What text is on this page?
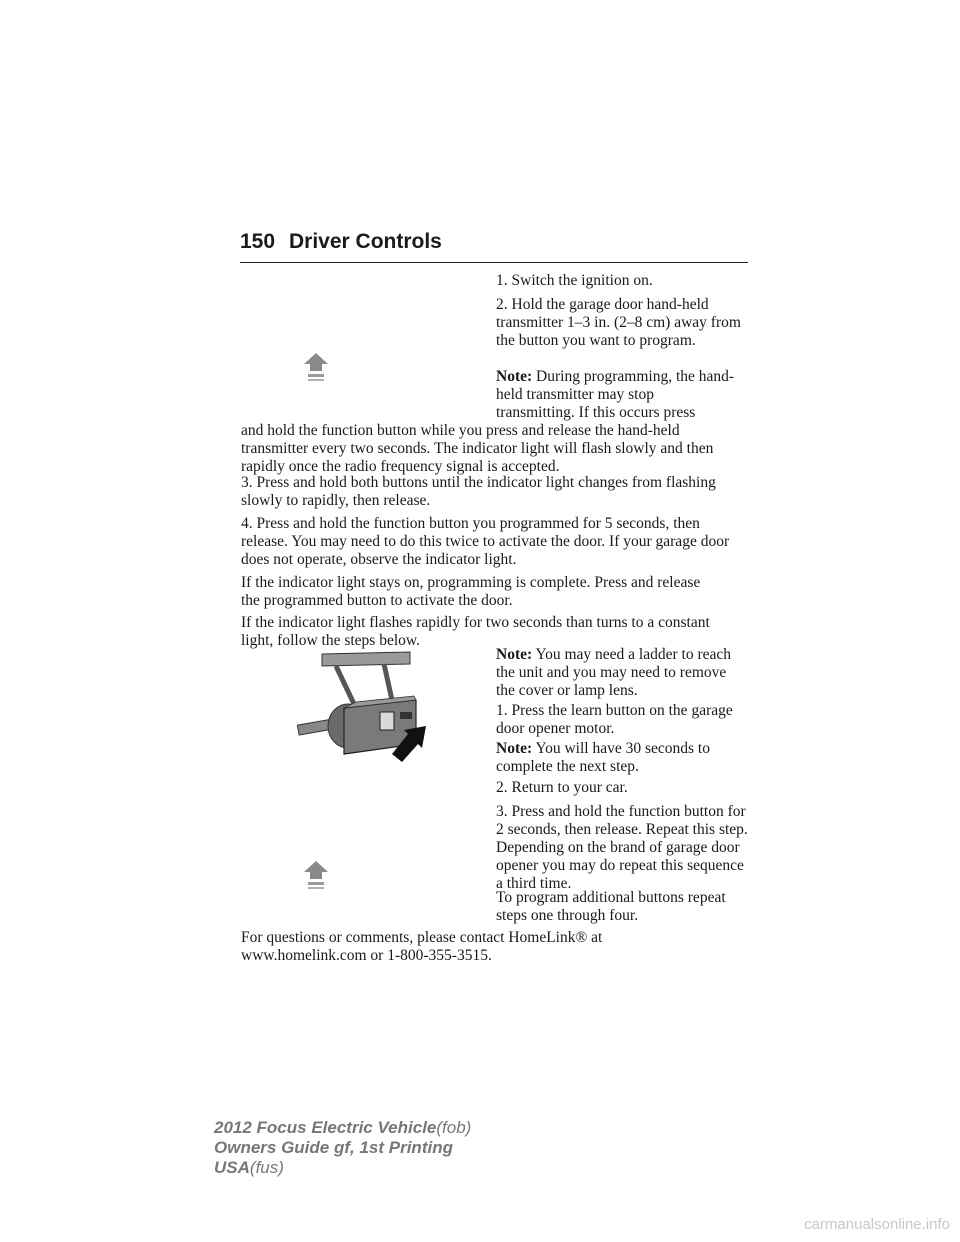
150 Driver Controls

1. Switch the ignition on.

2. Hold the garage door hand-held transmitter 1–3 in. (2–8 cm) away from the button you want to program.

Note: During programming, the hand-held transmitter may stop

transmitting. If this occurs press

and hold the function button while you press and release the hand-held transmitter every two seconds. The indicator light will flash slowly and then rapidly once the radio frequency signal is accepted.

3. Press and hold both buttons until the indicator light changes from flashing slowly to rapidly, then release.

4. Press and hold the function button you programmed for 5 seconds, then release. You may need to do this twice to activate the door. If your garage door does not operate, observe the indicator light.

If the indicator light stays on, programming is complete. Press and release the programmed button to activate the door.

If the indicator light flashes rapidly for two seconds than turns to a constant light, follow the steps below.

Note: You may need a ladder to reach the unit and you may need to remove the cover or lamp lens.

1. Press the learn button on the garage door opener motor.

Note: You will have 30 seconds to complete the next step.

2. Return to your car.

3. Press and hold the function button for 2 seconds, then release. Repeat this step. Depending on the brand of garage door opener you may do repeat this sequence a third time.

To program additional buttons repeat steps one through four.

For questions or comments, please contact HomeLink® at www.homelink.com or 1-800-355-3515.

2012 Focus Electric Vehicle(fob)
Owners Guide gf, 1st Printing
USA(fus)
carmanualsonline.info
